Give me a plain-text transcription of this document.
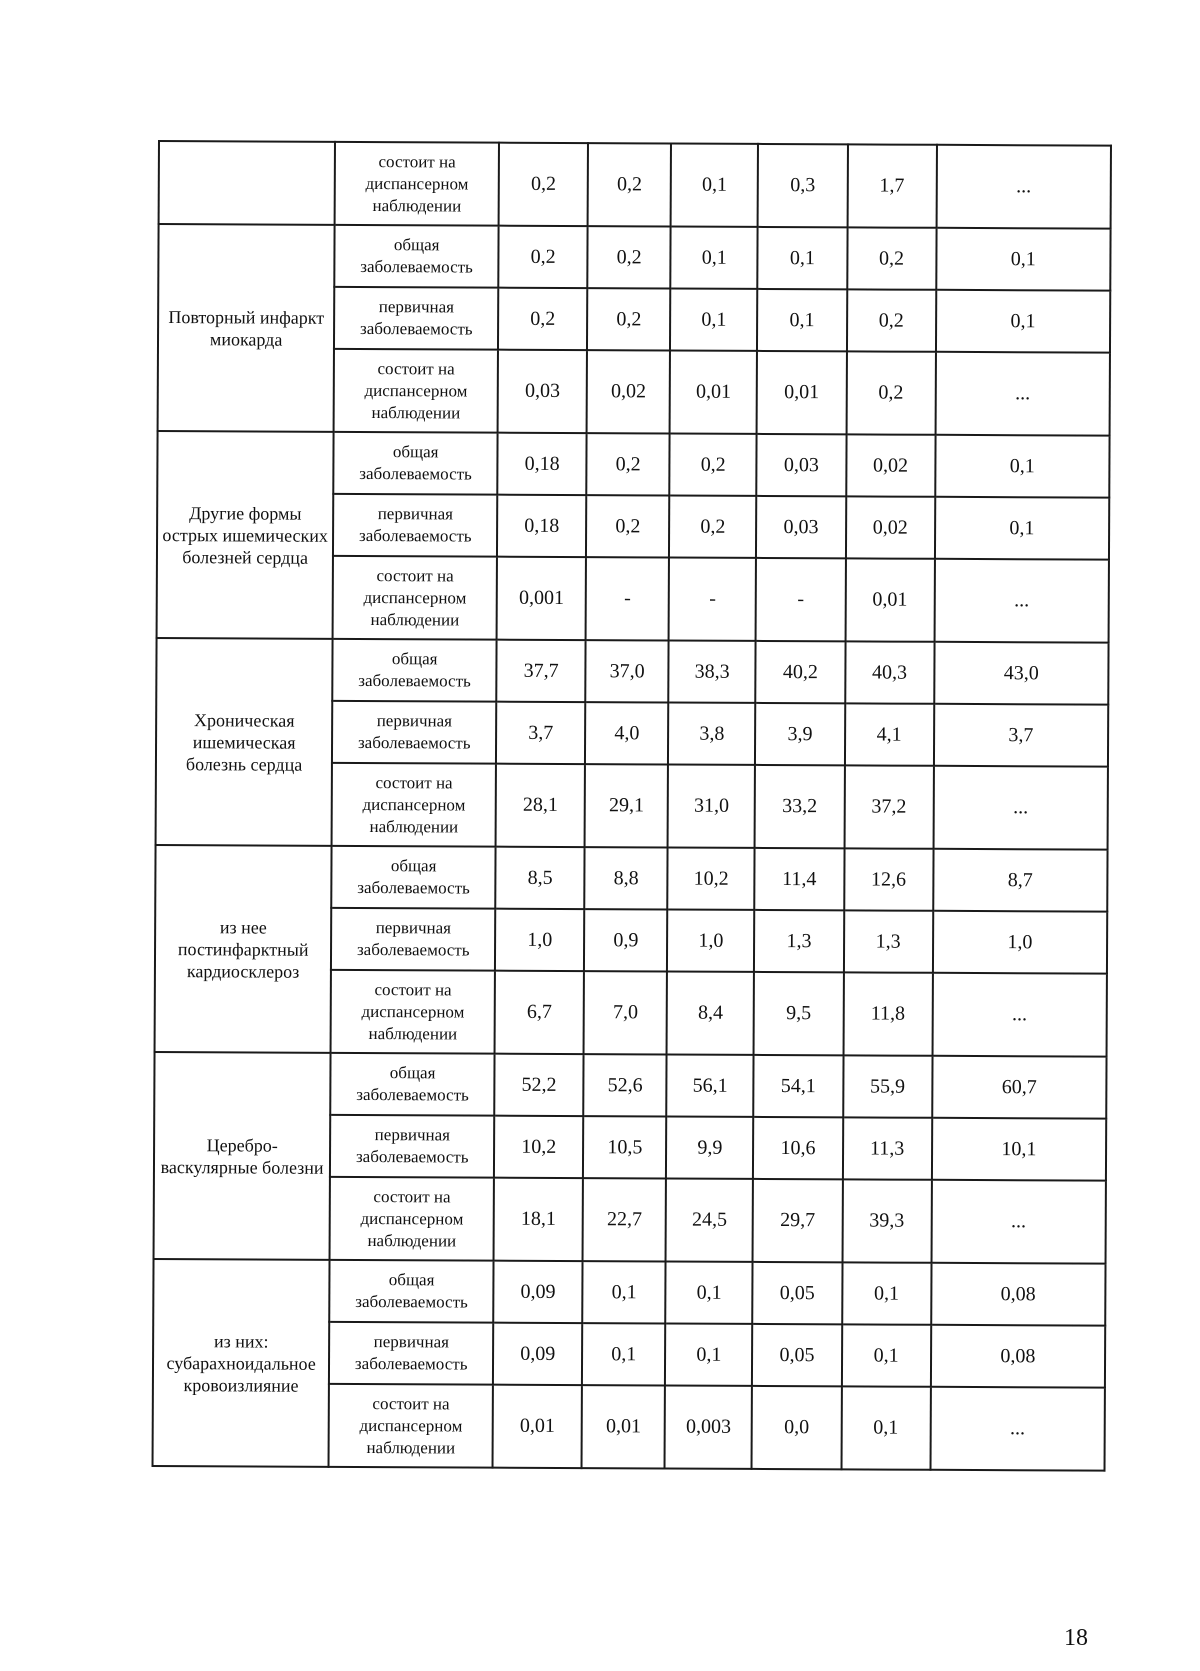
	состоит на диспансерном наблюдении	0,2	0,2	0,1	0,3	1,7	...
Повторный инфаркт миокарда	общая заболеваемость	0,2	0,2	0,1	0,1	0,2	0,1
	первичная заболеваемость	0,2	0,2	0,1	0,1	0,2	0,1
	состоит на диспансерном наблюдении	0,03	0,02	0,01	0,01	0,2	...
Другие формы острых ишемических болезней сердца	общая заболеваемость	0,18	0,2	0,2	0,03	0,02	0,1
	первичная заболеваемость	0,18	0,2	0,2	0,03	0,02	0,1
	состоит на диспансерном наблюдении	0,001	-	-	-	0,01	...
Хроническая ишемическая болезнь сердца	общая заболеваемость	37,7	37,0	38,3	40,2	40,3	43,0
	первичная заболеваемость	3,7	4,0	3,8	3,9	4,1	3,7
	состоит на диспансерном наблюдении	28,1	29,1	31,0	33,2	37,2	...
из нее постинфарктный кардиосклероз	общая заболеваемость	8,5	8,8	10,2	11,4	12,6	8,7
	первичная заболеваемость	1,0	0,9	1,0	1,3	1,3	1,0
	состоит на диспансерном наблюдении	6,7	7,0	8,4	9,5	11,8	...
Церебро-васкулярные болезни	общая заболеваемость	52,2	52,6	56,1	54,1	55,9	60,7
	первичная заболеваемость	10,2	10,5	9,9	10,6	11,3	10,1
	состоит на диспансерном наблюдении	18,1	22,7	24,5	29,7	39,3	...
из них: субарахноидальное кровоизлияние	общая заболеваемость	0,09	0,1	0,1	0,05	0,1	0,08
	первичная заболеваемость	0,09	0,1	0,1	0,05	0,1	0,08
	состоит на диспансерном наблюдении	0,01	0,01	0,003	0,0	0,1	...
18
